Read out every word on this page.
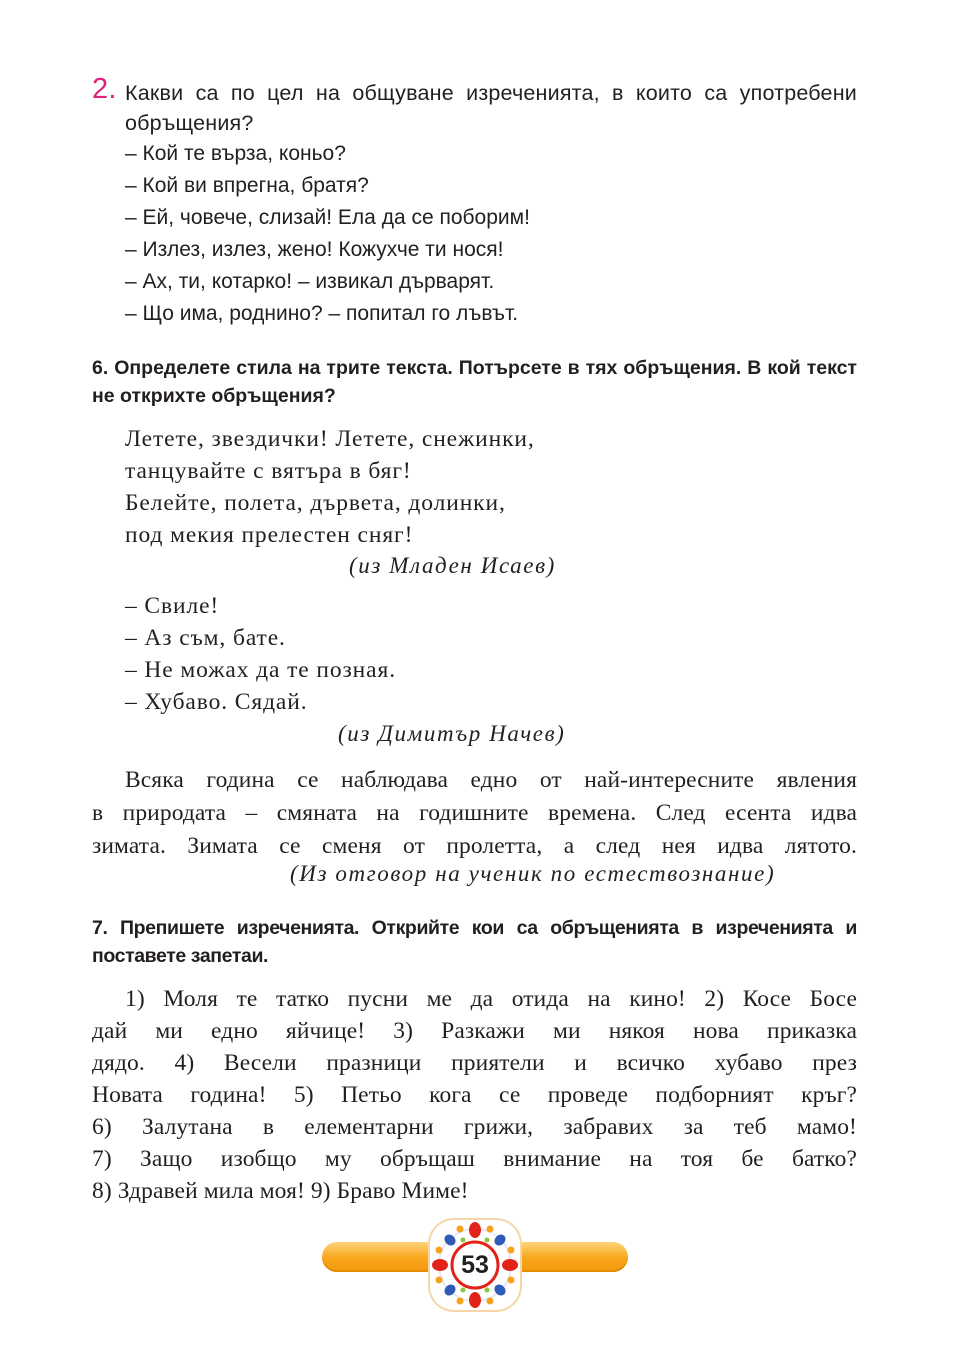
2. Какви са по цел на общуване изреченията, в които са употребени обръщения?
– Кой те върза, коньо?
– Кой ви впрегна, братя?
– Ей, човече, слизай! Ела да се поборим!
– Излез, излез, жено! Кожухче ти нося!
– Ах, ти, котарко! – извикал дърварят.
– Що има, роднино? – попитал го лъвът.
6. Определете стила на трите текста. Потърсете в тях обръщения. В кой текст не открихте обръщения?
Летете, звездички! Летете, снежинки,
танцувайте с вятъра в бяг!
Белейте, полета, дървета, долинки,
под мекия прелестен сняг!
(из Младен Исаев)
– Свиле!
– Аз съм, бате.
– Не можах да те позная.
– Хубаво. Сядай.
(из Димитър Начев)
Всяка година се наблюдава едно от най-интересните явления
в природата – смяната на годишните времена. След есента идва
зимата. Зимата се сменя от пролетта, а след нея идва лятото.
(Из отговор на ученик по естествознание)
7. Препишете изреченията. Открийте кои са обръщенията в изреченията и поставете запетаи.
1) Моля те татко пусни ме да отида на кино! 2) Косе Босе
дай ми едно яйчице! 3) Разкажи ми някоя нова приказка
дядо. 4) Весели празници приятели и всичко хубаво през
Новата година! 5) Петьо кога се проведе подборният кръг?
6) Залутана в елементарни грижи, забравих за теб мамо!
7) Защо изобщо му обръщаш внимание на тоя бе батко?
8) Здравей мила моя! 9) Браво Миме!
53
